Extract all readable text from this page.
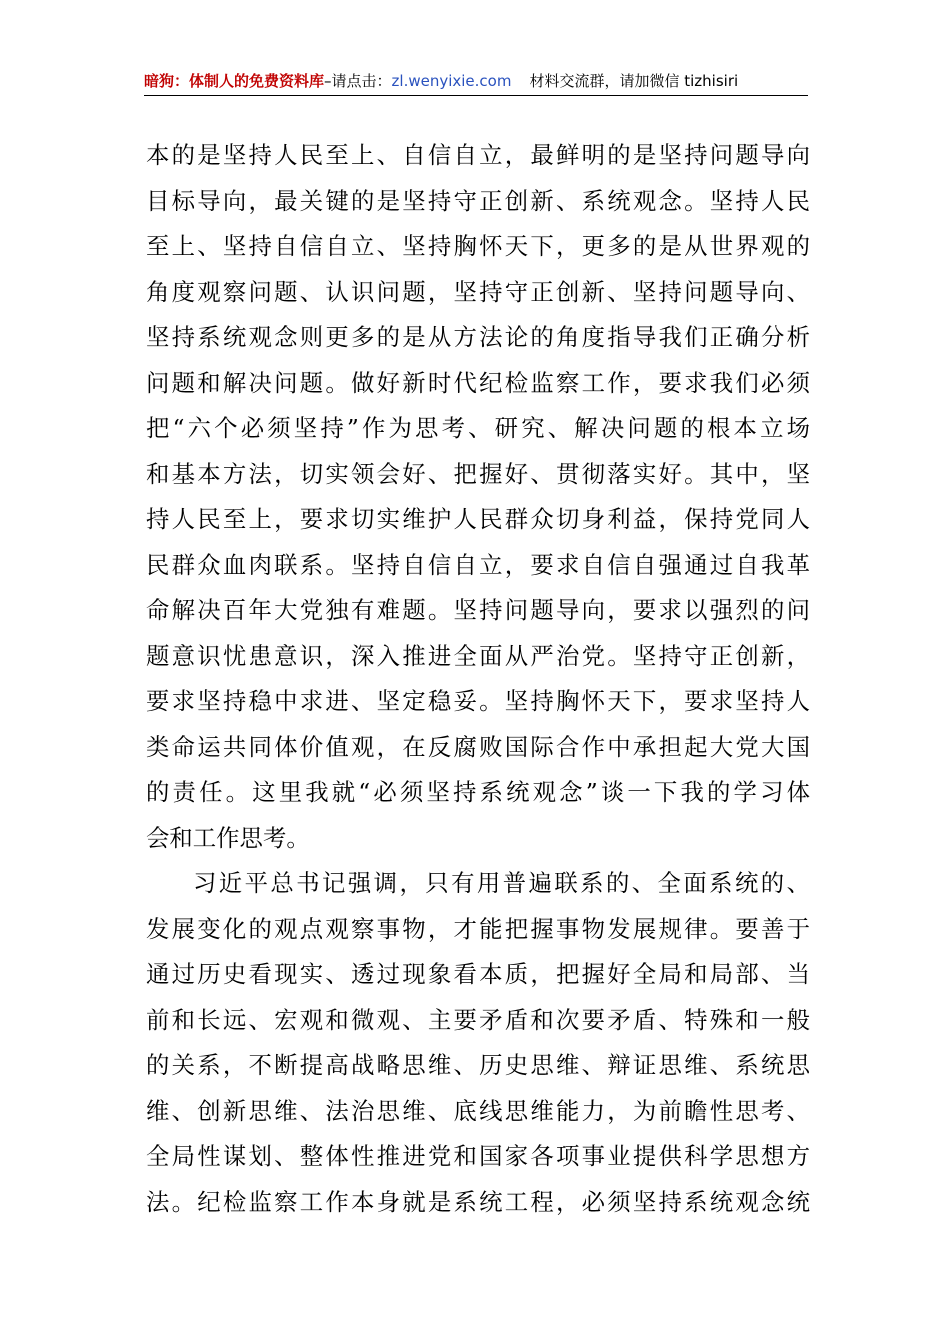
暗狗：体制人的免费资料库–请点击：zl.wenyixie.com 材料交流群，请加微信 tizhisiri
本的是坚持人民至上、自信自立，最鲜明的是坚持问题导向
目标导向，最关键的是坚持守正创新、系统观念。坚持人民
至上、坚持自信自立、坚持胸怀天下，更多的是从世界观的
角度观察问题、认识问题，坚持守正创新、坚持问题导向、
坚持系统观念则更多的是从方法论的角度指导我们正确分析
问题和解决问题。做好新时代纪检监察工作，要求我们必须
把“六个必须坚持”作为思考、研究、解决问题的根本立场
和基本方法，切实领会好、把握好、贯彻落实好。其中，坚
持人民至上，要求切实维护人民群众切身利益，保持党同人
民群众血肉联系。坚持自信自立，要求自信自强通过自我革
命解决百年大党独有难题。坚持问题导向，要求以强烈的问
题意识忧患意识，深入推进全面从严治党。坚持守正创新，
要求坚持稳中求进、坚定稳妥。坚持胸怀天下，要求坚持人
类命运共同体价值观，在反腐败国际合作中承担起大党大国
的责任。这里我就“必须坚持系统观念”谈一下我的学习体
会和工作思考。
习近平总书记强调，只有用普遍联系的、全面系统的、
发展变化的观点观察事物，才能把握事物发展规律。要善于
通过历史看现实、透过现象看本质，把握好全局和局部、当
前和长远、宏观和微观、主要矛盾和次要矛盾、特殊和一般
的关系，不断提高战略思维、历史思维、辩证思维、系统思
维、创新思维、法治思维、底线思维能力，为前瞻性思考、
全局性谋划、整体性推进党和国家各项事业提供科学思想方
法。纪检监察工作本身就是系统工程，必须坚持系统观念统
